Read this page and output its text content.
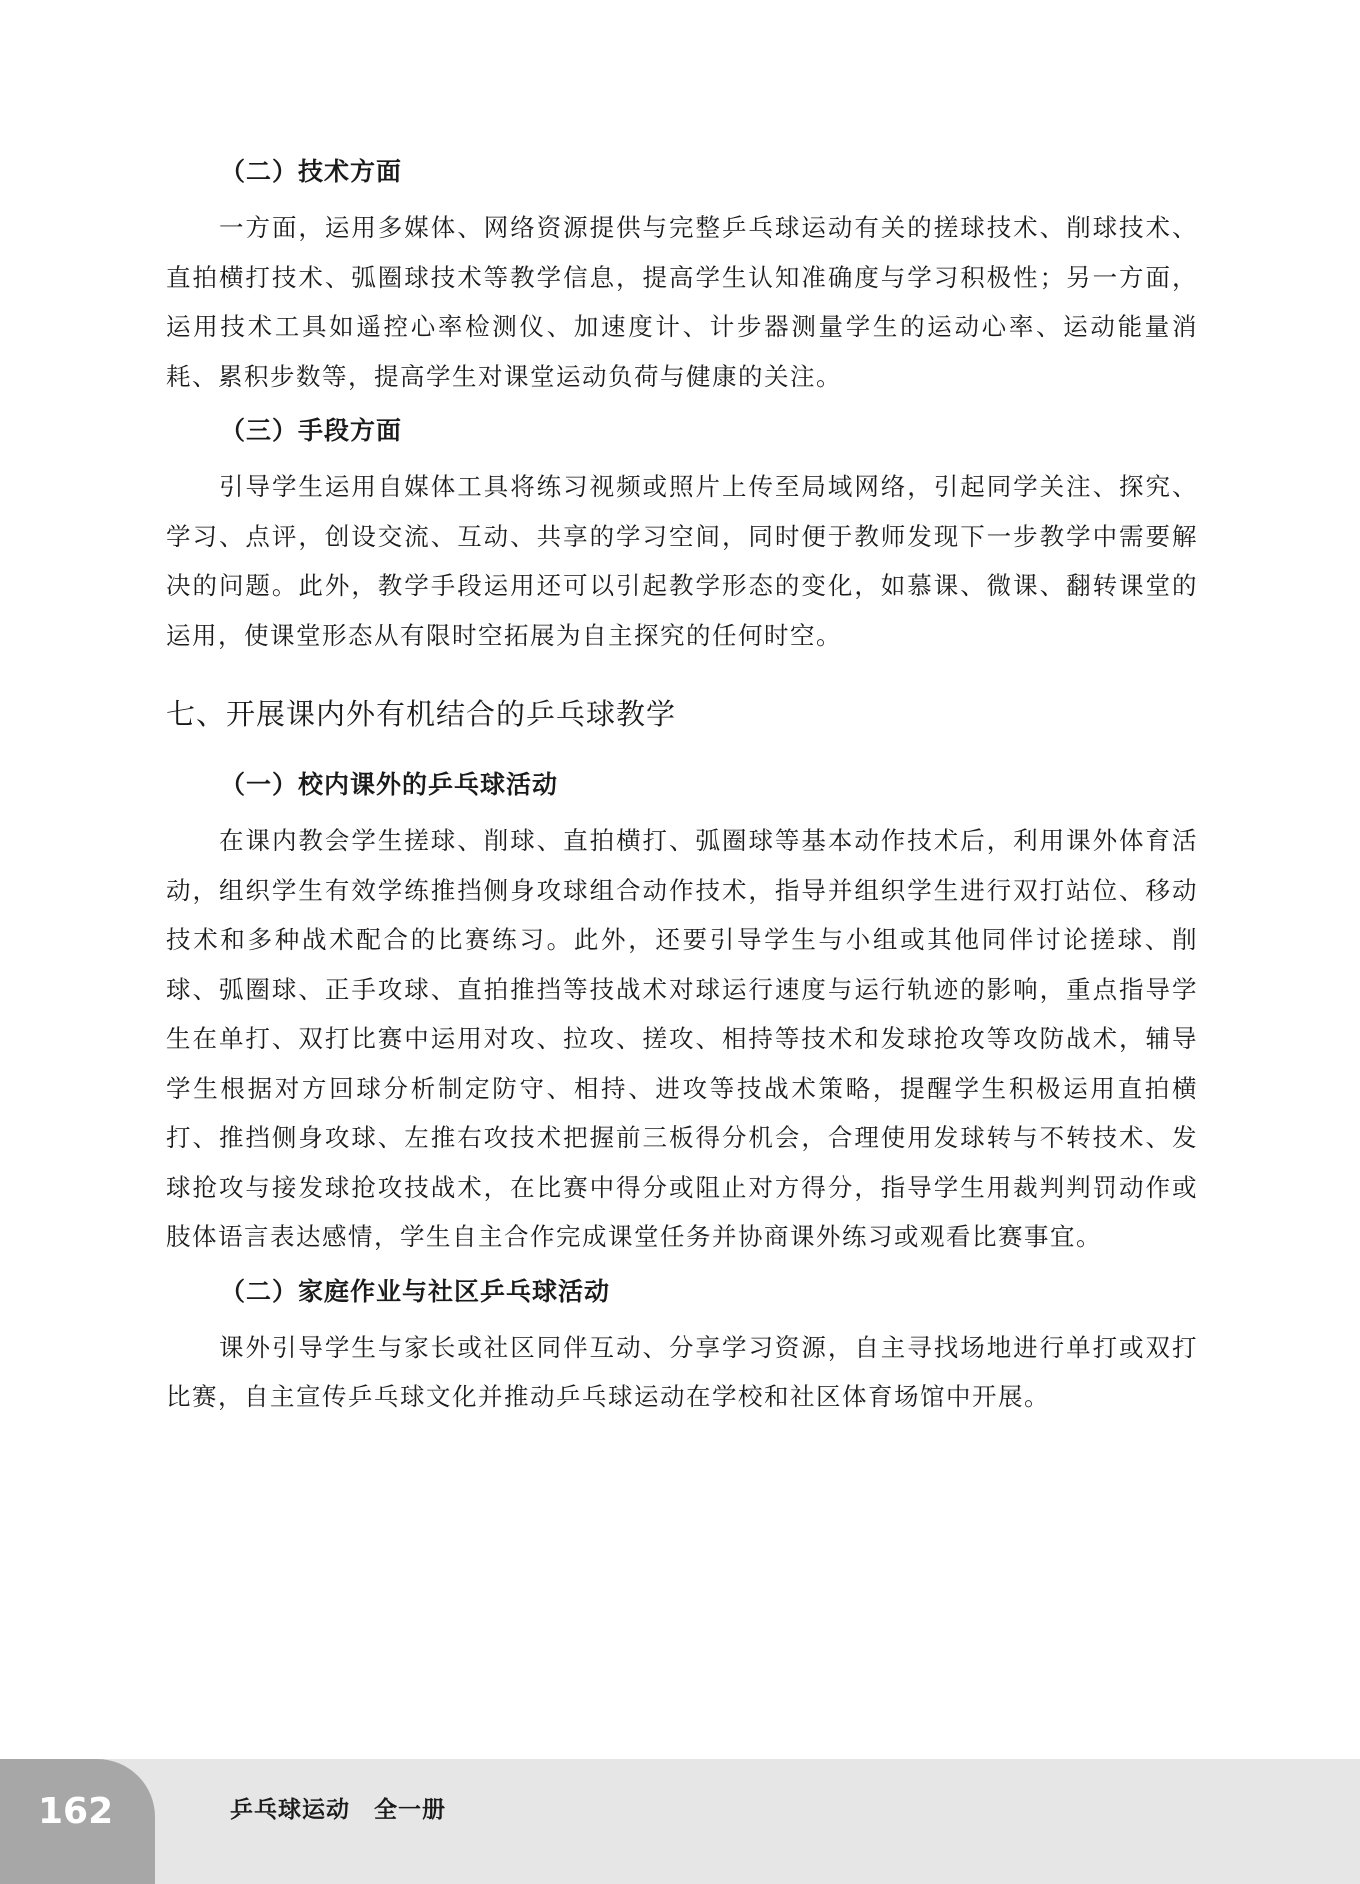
（二）技术方面

一方面，运用多媒体、网络资源提供与完整乒乓球运动有关的搓球技术、削球技术、直拍横打技术、弧圈球技术等教学信息，提高学生认知准确度与学习积极性；另一方面，运用技术工具如遥控心率检测仪、加速度计、计步器测量学生的运动心率、运动能量消耗、累积步数等，提高学生对课堂运动负荷与健康的关注。

（三）手段方面

引导学生运用自媒体工具将练习视频或照片上传至局域网络，引起同学关注、探究、学习、点评，创设交流、互动、共享的学习空间，同时便于教师发现下一步教学中需要解决的问题。此外，教学手段运用还可以引起教学形态的变化，如慕课、微课、翻转课堂的运用，使课堂形态从有限时空拓展为自主探究的任何时空。

七、开展课内外有机结合的乒乓球教学
（一）校内课外的乒乓球活动

在课内教会学生搓球、削球、直拍横打、弧圈球等基本动作技术后，利用课外体育活动，组织学生有效学练推挡侧身攻球组合动作技术，指导并组织学生进行双打站位、移动技术和多种战术配合的比赛练习。此外，还要引导学生与小组或其他同伴讨论搓球、削球、弧圈球、正手攻球、直拍推挡等技战术对球运行速度与运行轨迹的影响，重点指导学生在单打、双打比赛中运用对攻、拉攻、搓攻、相持等技术和发球抢攻等攻防战术，辅导学生根据对方回球分析制定防守、相持、进攻等技战术策略，提醒学生积极运用直拍横打、推挡侧身攻球、左推右攻技术把握前三板得分机会，合理使用发球转与不转技术、发球抢攻与接发球抢攻技战术，在比赛中得分或阻止对方得分，指导学生用裁判判罚动作或肢体语言表达感情，学生自主合作完成课堂任务并协商课外练习或观看比赛事宜。

（二）家庭作业与社区乒乓球活动

课外引导学生与家长或社区同伴互动、分享学习资源，自主寻找场地进行单打或双打比赛，自主宣传乒乓球文化并推动乒乓球运动在学校和社区体育场馆中开展。

162	乒乓球运动　全一册
